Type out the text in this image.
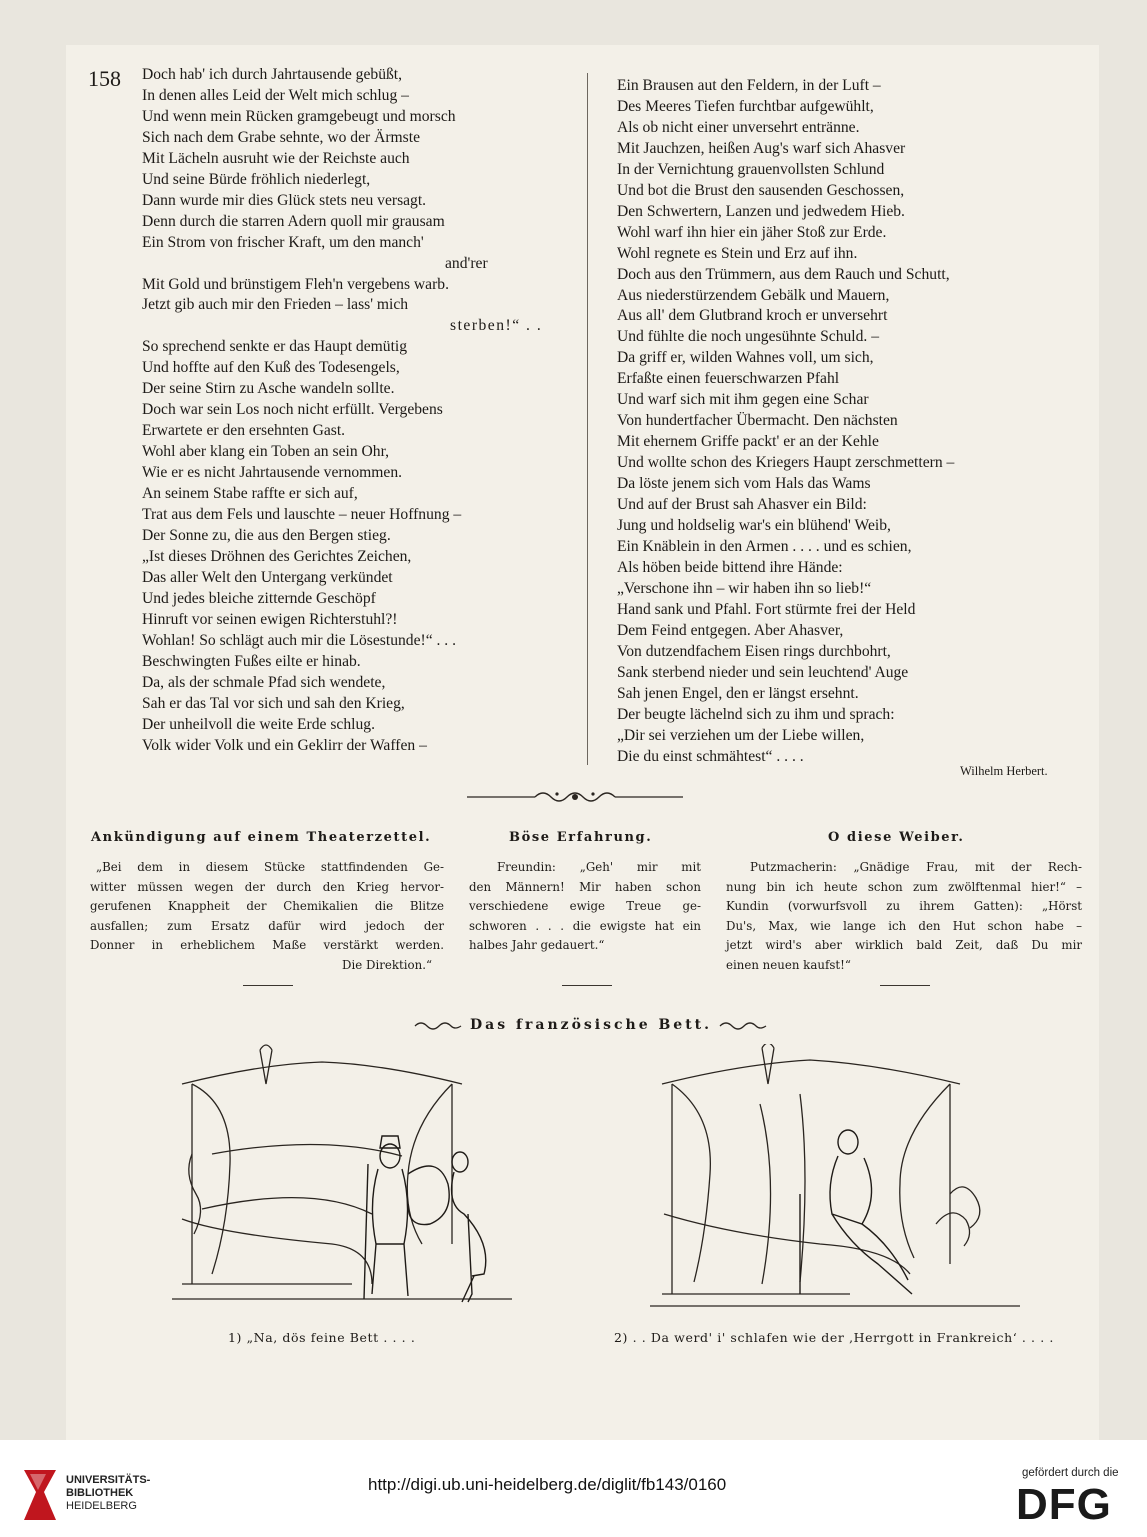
158 Doch hab' ich durch Jahrtausende gebüßt,
In denen alles Leid der Welt mich schlug –
Und wenn mein Rücken gramgebeugt und morsch
Sich nach dem Grabe sehnte, wo der Ärmste
Mit Lächeln ausruht wie der Reichste auch
Und seine Bürde fröhlich niederlegt,
Dann wurde mir dies Glück stets neu versagt.
Denn durch die starren Adern quoll mir grausam
Ein Strom von frischer Kraft, um den manch'
and'rer
Mit Gold und brünstigem Fleh'n vergebens warb.
Jetzt gib auch mir den Frieden – lass' mich
sterben!“ . .
So sprechend senkte er das Haupt demütig
Und hoffte auf den Kuß des Todesengels,
Der seine Stirn zu Asche wandeln sollte.
Doch war sein Los noch nicht erfüllt. Vergebens
Erwartete er den ersehnten Gast.
Wohl aber klang ein Toben an sein Ohr,
Wie er es nicht Jahrtausende vernommen.
An seinem Stabe raffte er sich auf,
Trat aus dem Fels und lauschte – neuer Hoffnung –
Der Sonne zu, die aus den Bergen stieg.
„Ist dieses Dröhnen des Gerichtes Zeichen,
Das aller Welt den Untergang verkündet
Und jedes bleiche zitternde Geschöpf
Hinruft vor seinen ewigen Richterstuhl?!
Wohlan! So schlägt auch mir die Lösestunde!“ . . .
Beschwingten Fußes eilte er hinab.
Da, als der schmale Pfad sich wendete,
Sah er das Tal vor sich und sah den Krieg,
Der unheilvoll die weite Erde schlug.
Volk wider Volk und ein Geklirr der Waffen –
Ein Brausen aut den Feldern, in der Luft –
Des Meeres Tiefen furchtbar aufgewühlt,
Als ob nicht einer unversehrt entränne.
Mit Jauchzen, heißen Aug's warf sich Ahasver
In der Vernichtung grauenvollsten Schlund
Und bot die Brust den sausenden Geschossen,
Den Schwertern, Lanzen und jedwedem Hieb.
Wohl warf ihn hier ein jäher Stoß zur Erde.
Wohl regnete es Stein und Erz auf ihn.
Doch aus den Trümmern, aus dem Rauch und Schutt,
Aus niederstürzendem Gebälk und Mauern,
Aus all' dem Glutbrand kroch er unversehrt
Und fühlte die noch ungesühnte Schuld. –
Da griff er, wilden Wahnes voll, um sich,
Erfaßte einen feuerschwarzen Pfahl
Und warf sich mit ihm gegen eine Schar
Von hundertfacher Übermacht. Den nächsten
Mit ehernem Griffe packt' er an der Kehle
Und wollte schon des Kriegers Haupt zerschmettern –
Da löste jenem sich vom Hals das Wams
Und auf der Brust sah Ahasver ein Bild:
Jung und holdselig war's ein blühend' Weib,
Ein Knäblein in den Armen . . . . und es schien,
Als höben beide bittend ihre Hände:
„Verschone ihn – wir haben ihn so lieb!“
Hand sank und Pfahl. Fort stürmte frei der Held
Dem Feind entgegen. Aber Ahasver,
Von dutzendfachem Eisen rings durchbohrt,
Sank sterbend nieder und sein leuchtend' Auge
Sah jenen Engel, den er längst ersehnt.
Der beugte lächelnd sich zu ihm und sprach:
„Dir sei verziehen um der Liebe willen,
Die du einst schmähtest“ . . . .
Wilhelm Herbert.
Ankündigung auf einem Theaterzettel.
„Bei dem in diesem Stücke stattfindenden Ge-
witter müssen wegen der durch den Krieg hervor-
gerufenen Knappheit der Chemikalien die Blitze
ausfallen; zum Ersatz dafür wird jedoch der
Donner in erheblichem Maße verstärkt werden.
Die Direktion.“
Böse Erfahrung.
Freundin: „Geh' mir mit
den Männern! Mir haben schon
verschiedene ewige Treue ge-
schworen . . . die ewigste hat ein
halbes Jahr gedauert.“
O diese Weiber.
Putzmacherin: „Gnädige Frau, mit der Rech-
nung bin ich heute schon zum zwölftenmal hier!“ –
Kundin (vorwurfsvoll zu ihrem Gatten): „Hörst
Du's, Max, wie lange ich den Hut schon habe –
jetzt wird's aber wirklich bald Zeit, daß Du mir
einen neuen kaufst!“
Das französische Bett.
1) „Na, dös feine Bett . . . .	2) . . Da werd' i' schlafen wie der ‚Herrgott in Frankreich‘ . . . .
UNIVERSITÄTS-
BIBLIOTHEK
HEIDELBERG
http://digi.ub.uni-heidelberg.de/diglit/fb143/0160
gefördert durch die
DFG
